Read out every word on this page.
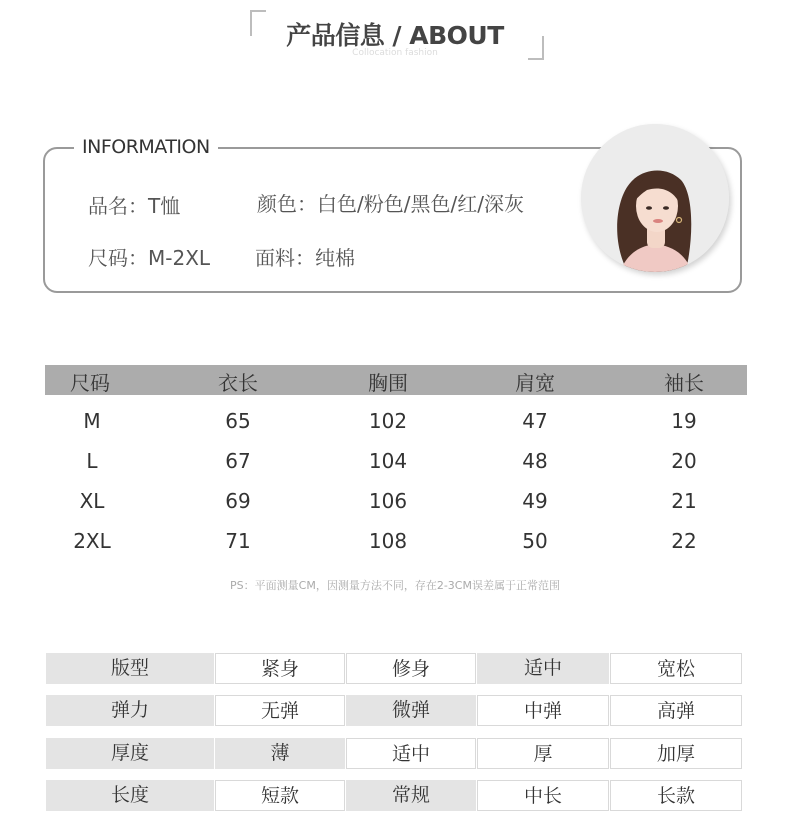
产品信息 / ABOUT
Collocation fashion
INFORMATION
品名：T恤	颜色：白色/粉色/黑色/红/深灰
尺码：M-2XL 面料：纯棉
尺码	衣长	胸围	肩宽	袖长
M	65	102	47	19
L	67	104	48	20
XL	69	106	49	21
2XL	71	108	50	22
PS：平面测量CM，因测量方法不同，存在2-3CM误差属于正常范围
版型	紧身	修身	适中	宽松
弹力	无弹	微弹	中弹	高弹
厚度	薄	适中	厚	加厚
长度	短款	常规	中长	长款
